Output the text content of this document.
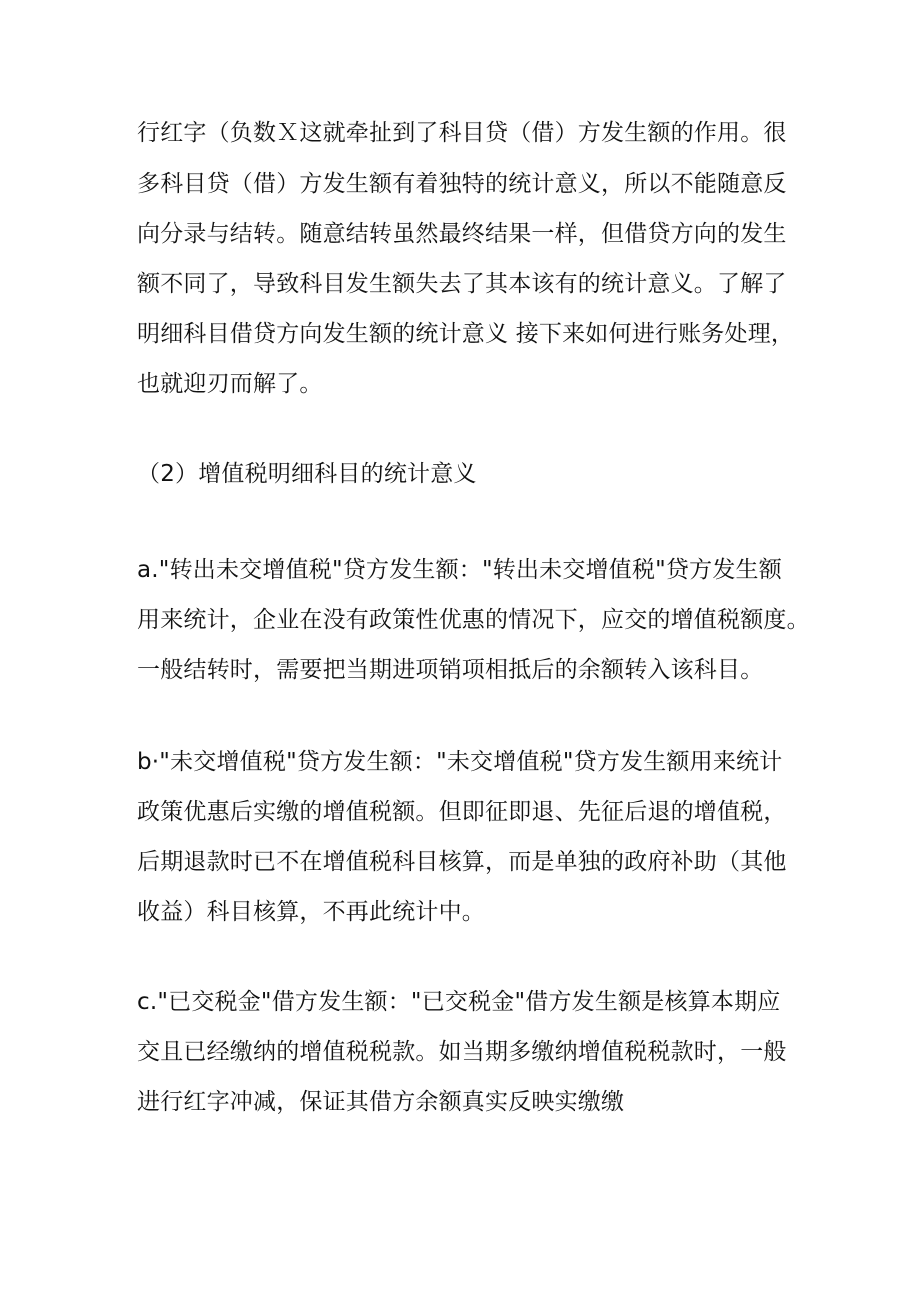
行红字（负数Ｘ这就牵扯到了科目贷（借）方发生额的作用。很
多科目贷（借）方发生额有着独特的统计意义，所以不能随意反
向分录与结转。随意结转虽然最终结果一样，但借贷方向的发生
额不同了，导致科目发生额失去了其本该有的统计意义。了解了
明细科目借贷方向发生额的统计意义 接下来如何进行账务处理，
也就迎刃而解了。
（2）增值税明细科目的统计意义
a."转出未交增值税"贷方发生额："转出未交增值税"贷方发生额
用来统计，企业在没有政策性优惠的情况下，应交的增值税额度。
一般结转时，需要把当期进项销项相抵后的余额转入该科目。
b·"未交增值税"贷方发生额："未交增值税"贷方发生额用来统计
政策优惠后实缴的增值税额。但即征即退、先征后退的增值税，
后期退款时已不在增值税科目核算，而是单独的政府补助（其他
收益）科目核算，不再此统计中。
c."已交税金"借方发生额："已交税金"借方发生额是核算本期应
交且已经缴纳的增值税税款。如当期多缴纳增值税税款时，一般
进行红字冲减，保证其借方余额真实反映实缴缴
